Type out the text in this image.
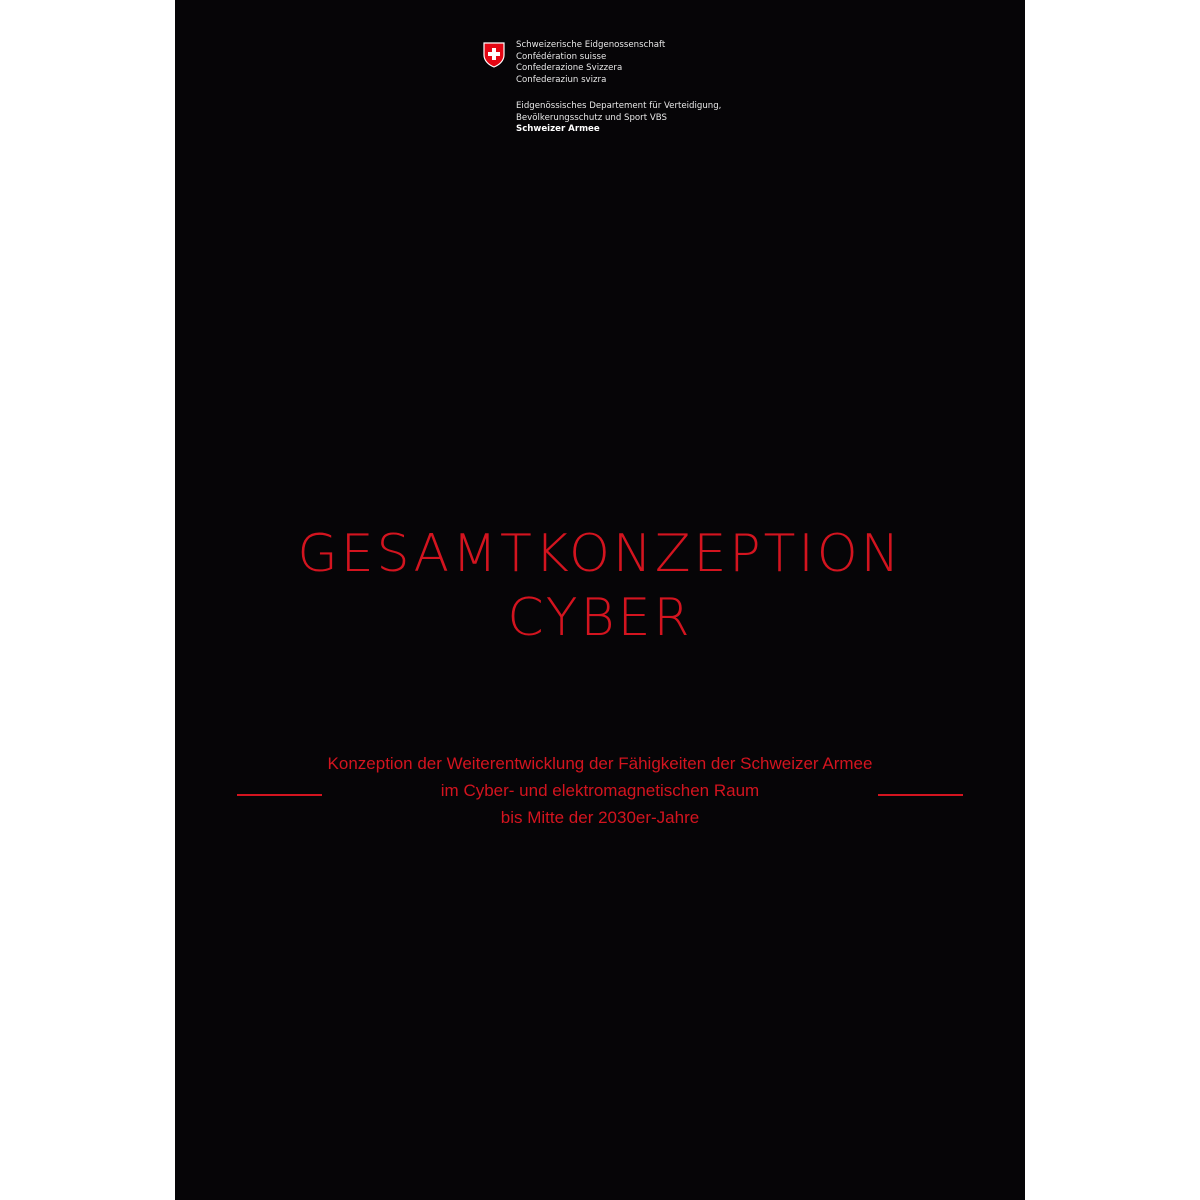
Schweizerische Eidgenossenschaft
Confédération suisse
Confederazione Svizzera
Confederaziun svizra
Eidgenössisches Departement für Verteidigung,
Bevölkerungsschutz und Sport VBS
Schweizer Armee
GESAMTKONZEPTION
CYBER
Konzeption der Weiterentwicklung der Fähigkeiten der Schweizer Armee
im Cyber- und elektromagnetischen Raum
bis Mitte der 2030er-Jahre
